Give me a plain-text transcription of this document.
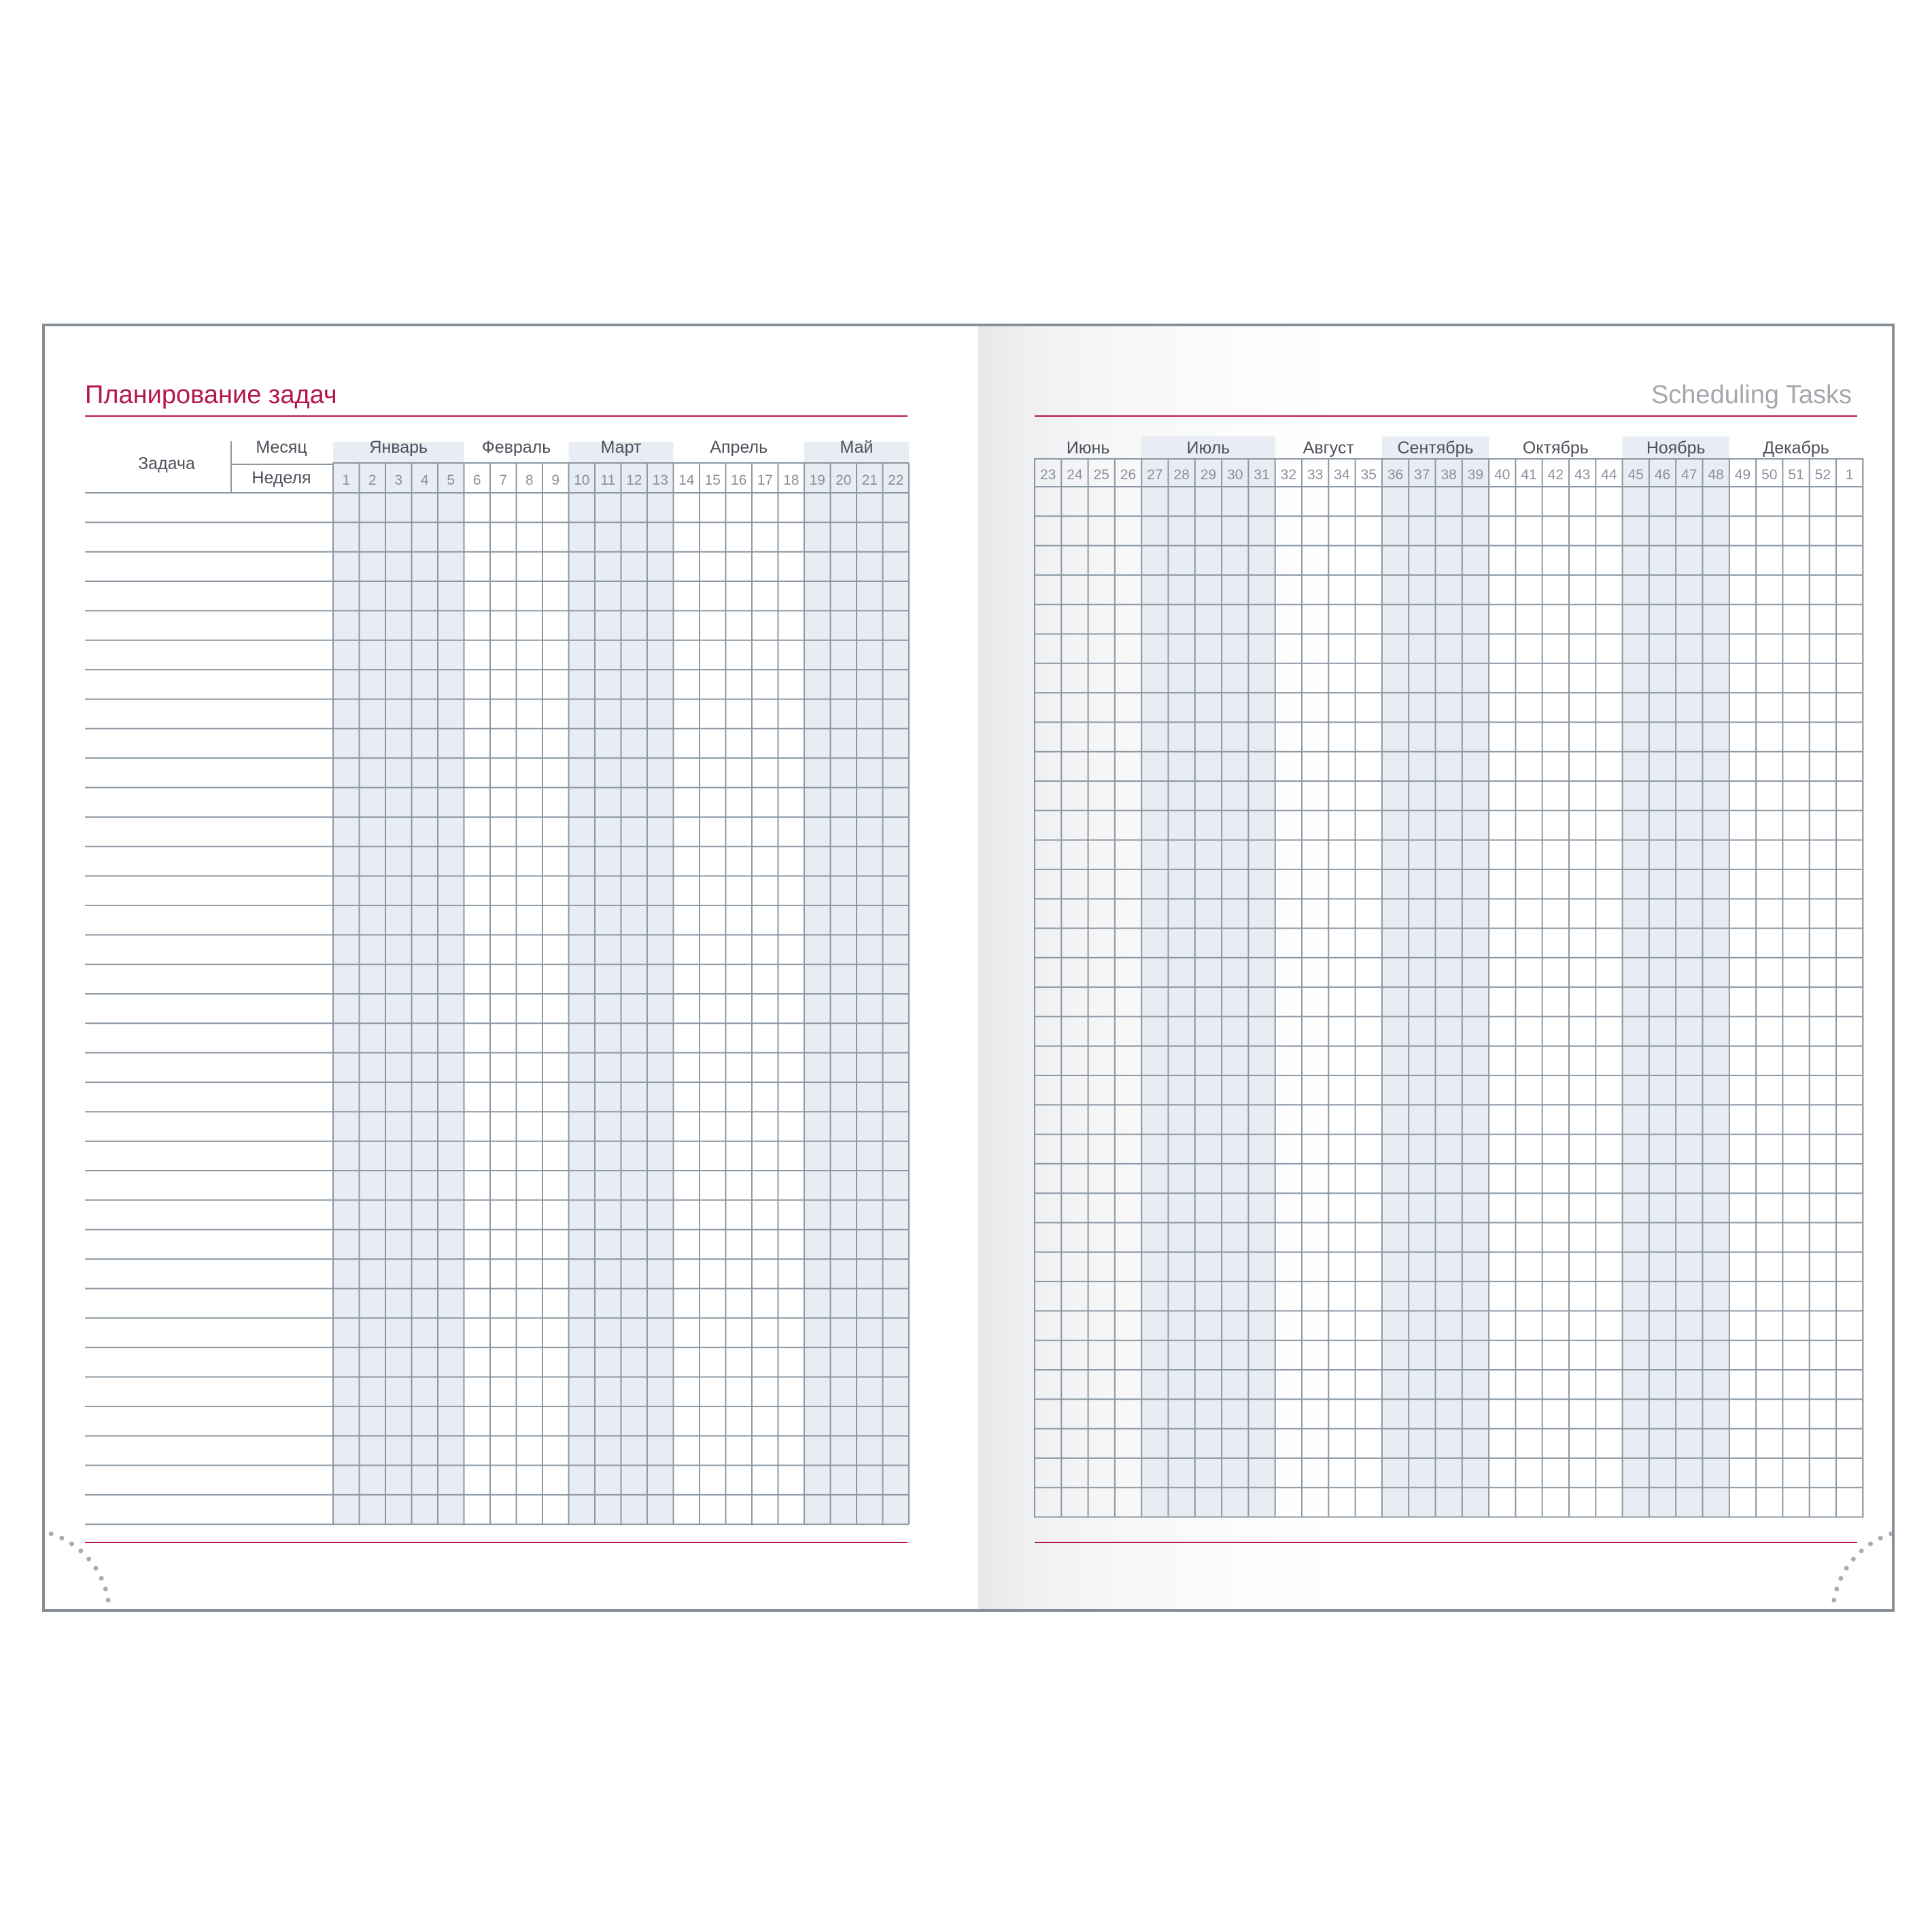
Планирование задач	Scheduling Tasks
Январь
1 2 3 4 5
Февраль
6 7 8 9
Март
10 11 12 13
Апрель
14 15 16 17 18
Май
19 20 21 22
Задача
Месяц
Неделя
Июнь
23 24 25 26
Июль
27 28 29 30 31
Август
32 33 34 35
Сентябрь
36 37 38 39
Октябрь
40 41 42 43 44
Ноябрь
45 46 47 48
Декабрь
49 50 51 52 1
